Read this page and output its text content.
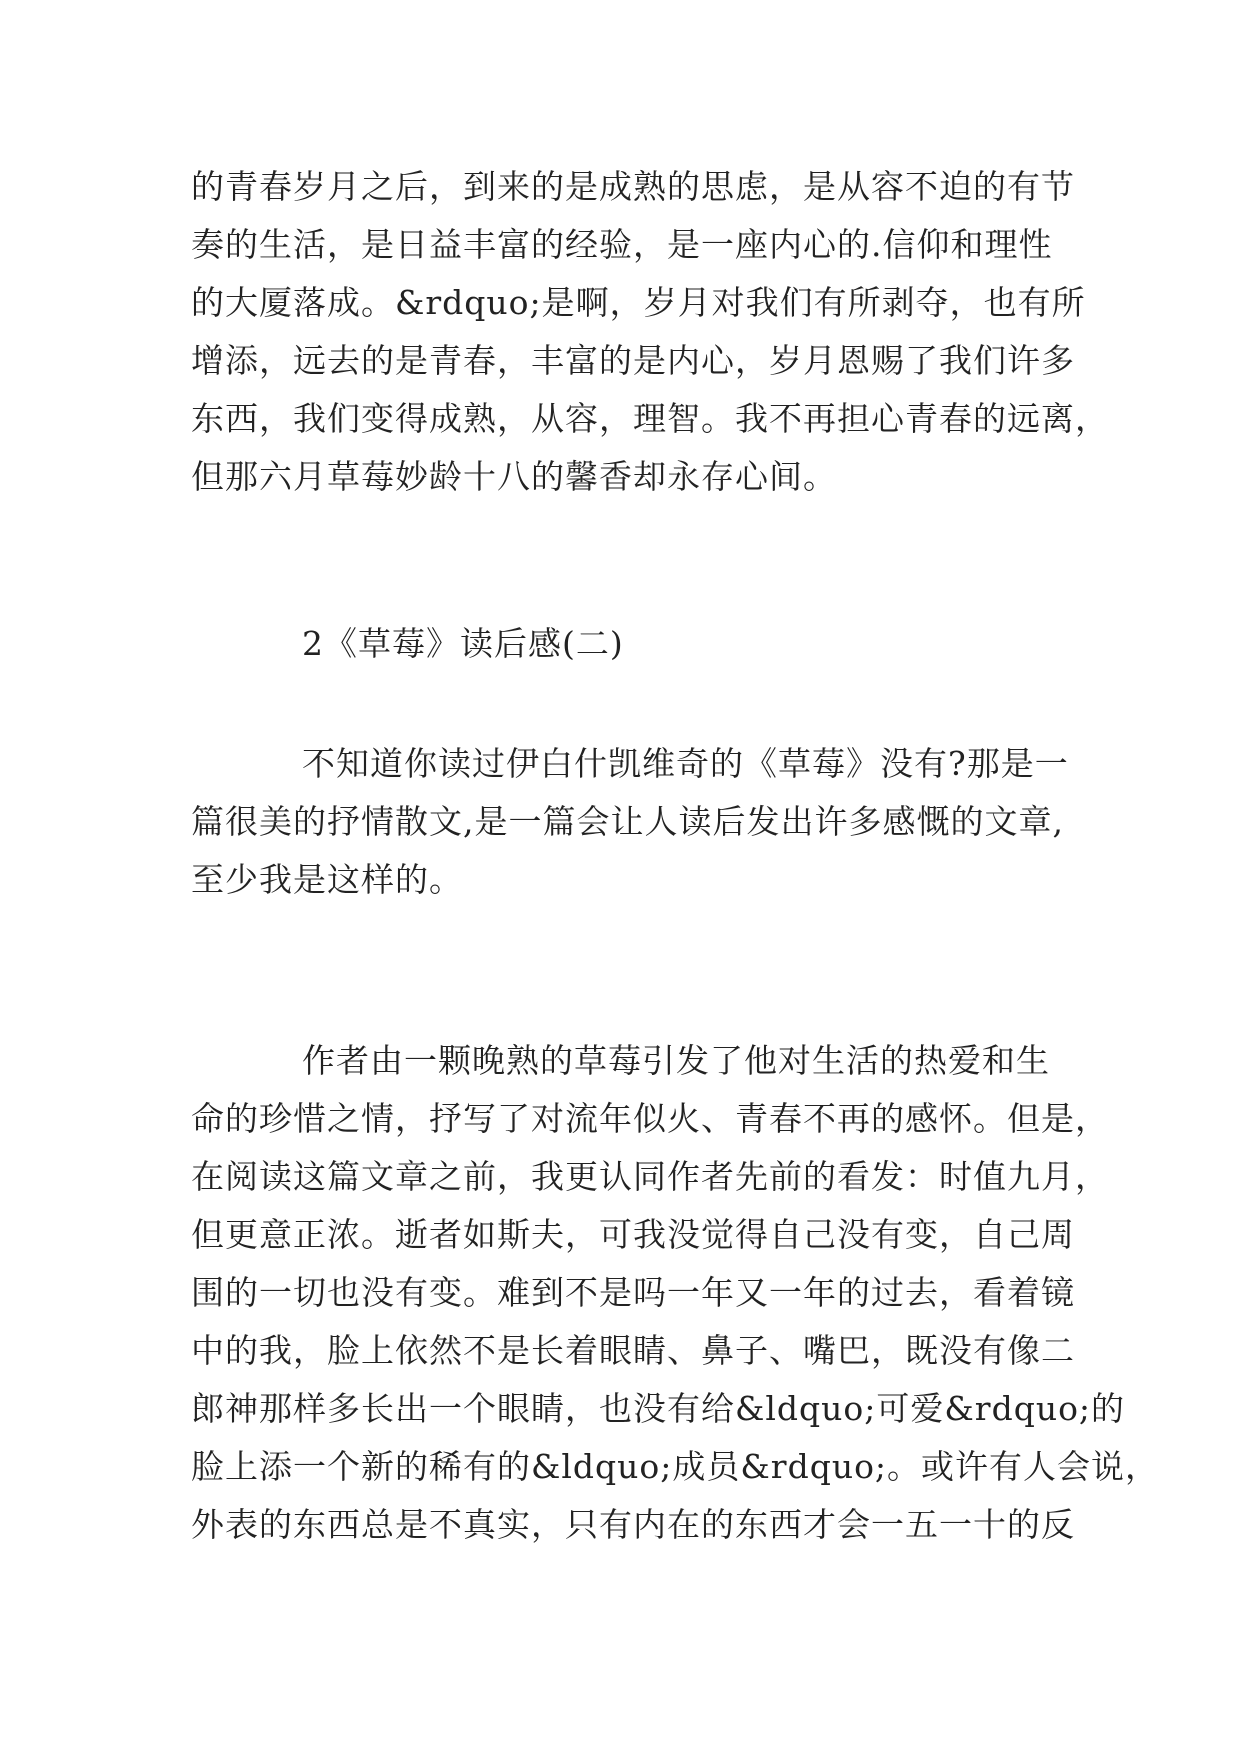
的青春岁月之后，到来的是成熟的思虑，是从容不迫的有节
奏的生活，是日益丰富的经验，是一座内心的.信仰和理性
的大厦落成。&rdquo;是啊，岁月对我们有所剥夺，也有所
增添，远去的是青春，丰富的是内心，岁月恩赐了我们许多
东西，我们变得成熟，从容，理智。我不再担心青春的远离，
但那六月草莓妙龄十八的馨香却永存心间。
2《草莓》读后感(二)
不知道你读过伊白什凯维奇的《草莓》没有?那是一
篇很美的抒情散文,是一篇会让人读后发出许多感慨的文章,
至少我是这样的。
作者由一颗晚熟的草莓引发了他对生活的热爱和生
命的珍惜之情，抒写了对流年似火、青春不再的感怀。但是，
在阅读这篇文章之前，我更认同作者先前的看发：时值九月，
但更意正浓。逝者如斯夫，可我没觉得自己没有变，自己周
围的一切也没有变。难到不是吗一年又一年的过去，看着镜
中的我，脸上依然不是长着眼睛、鼻子、嘴巴，既没有像二
郎神那样多长出一个眼睛，也没有给&ldquo;可爱&rdquo;的
脸上添一个新的稀有的&ldquo;成员&rdquo;。或许有人会说，
外表的东西总是不真实，只有内在的东西才会一五一十的反
